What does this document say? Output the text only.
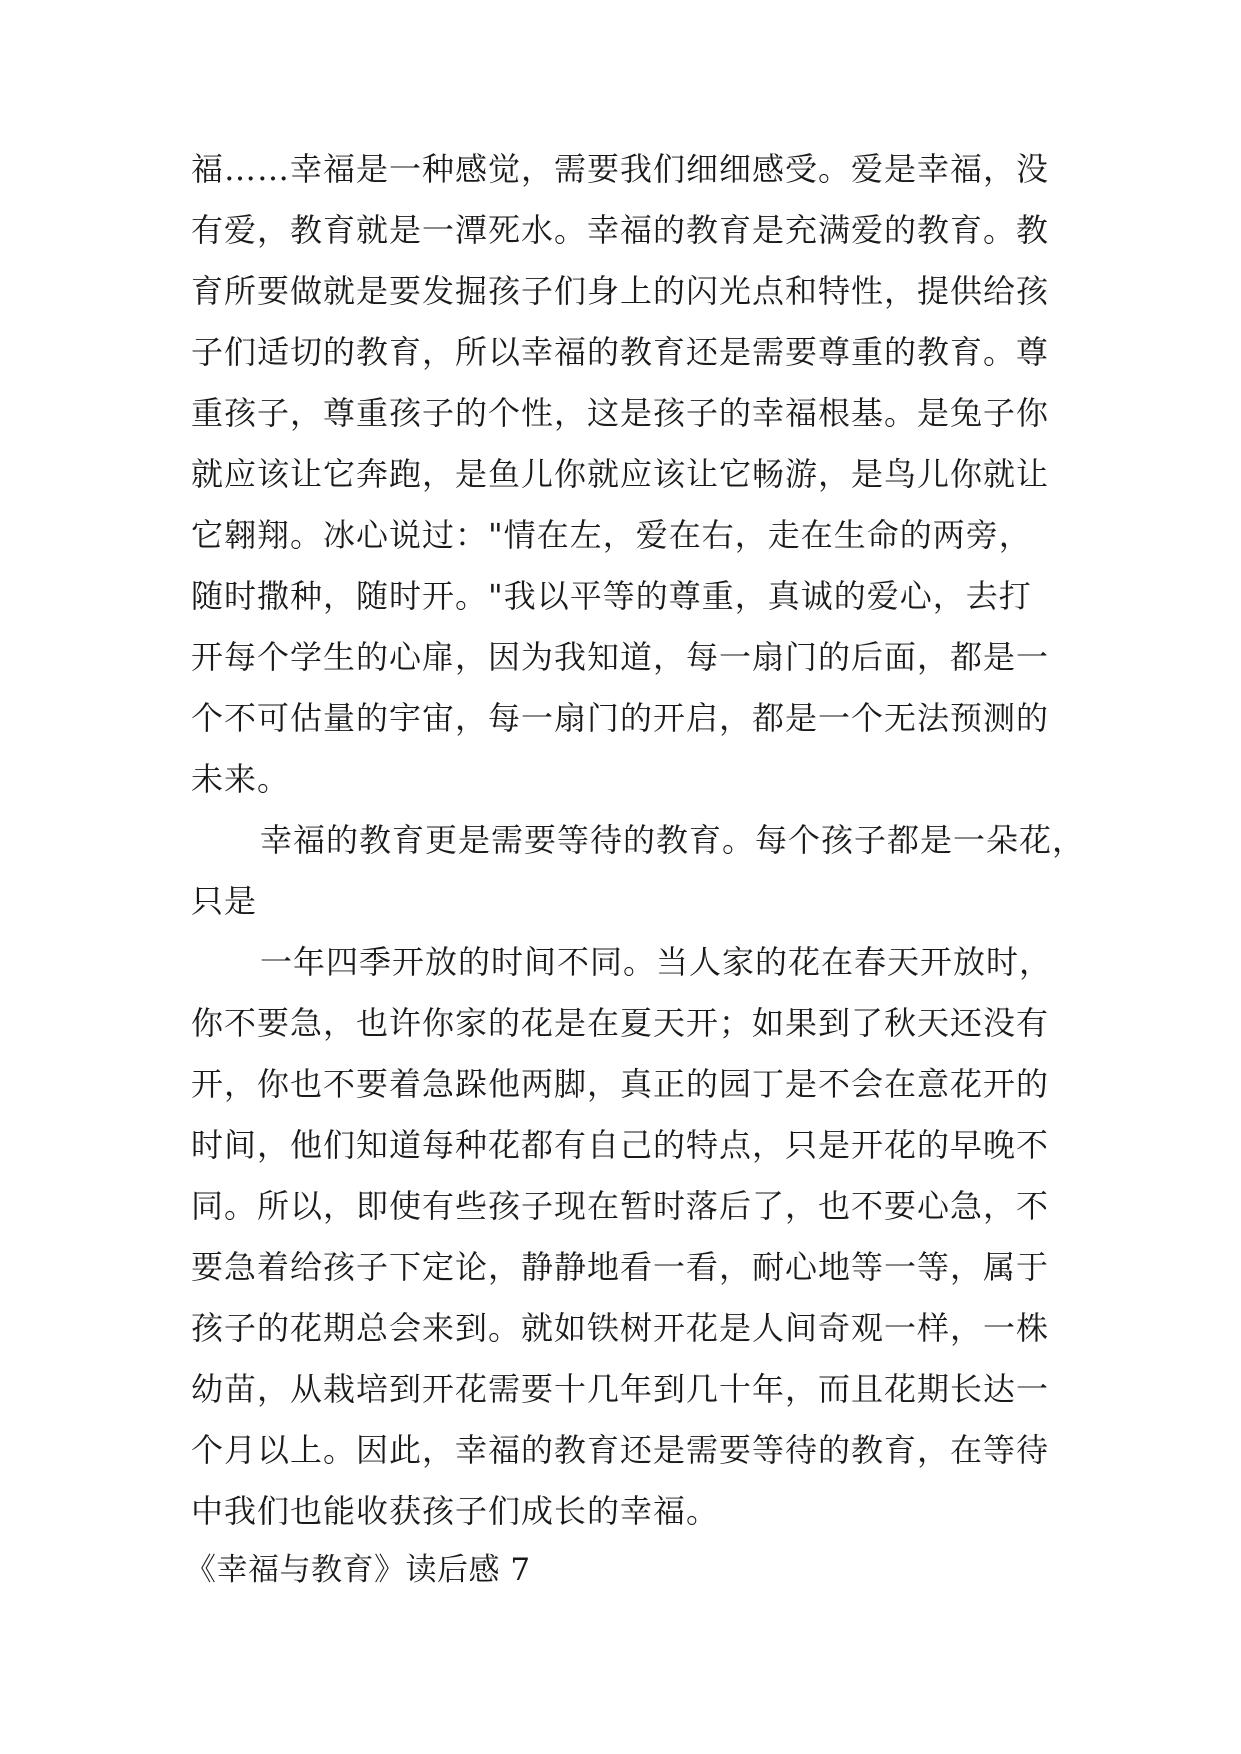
福……幸福是一种感觉，需要我们细细感受。爱是幸福，没
有爱，教育就是一潭死水。幸福的教育是充满爱的教育。教
育所要做就是要发掘孩子们身上的闪光点和特性，提供给孩
子们适切的教育，所以幸福的教育还是需要尊重的教育。尊
重孩子，尊重孩子的个性，这是孩子的幸福根基。是兔子你
就应该让它奔跑，是鱼儿你就应该让它畅游，是鸟儿你就让
它翱翔。冰心说过："情在左，爱在右，走在生命的两旁，
随时撒种，随时开。"我以平等的尊重，真诚的爱心，去打
开每个学生的心扉，因为我知道，每一扇门的后面，都是一
个不可估量的宇宙，每一扇门的开启，都是一个无法预测的
未来。
幸福的教育更是需要等待的教育。每个孩子都是一朵花，
只是
一年四季开放的时间不同。当人家的花在春天开放时，
你不要急，也许你家的花是在夏天开；如果到了秋天还没有
开，你也不要着急跺他两脚，真正的园丁是不会在意花开的
时间，他们知道每种花都有自己的特点，只是开花的早晚不
同。所以，即使有些孩子现在暂时落后了，也不要心急，不
要急着给孩子下定论，静静地看一看，耐心地等一等，属于
孩子的花期总会来到。就如铁树开花是人间奇观一样，一株
幼苗，从栽培到开花需要十几年到几十年，而且花期长达一
个月以上。因此，幸福的教育还是需要等待的教育，在等待
中我们也能收获孩子们成长的幸福。
《幸福与教育》读后感 7
